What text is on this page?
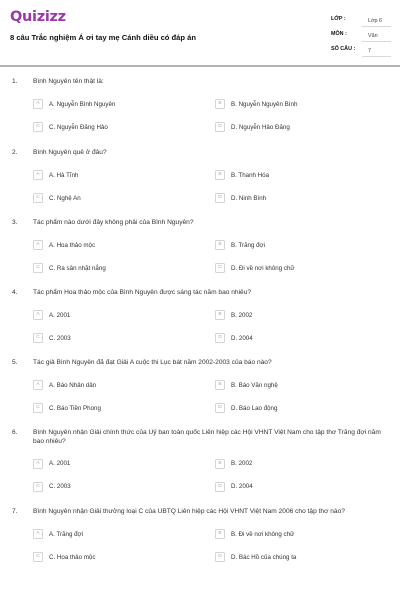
Quizizz
8 câu Trắc nghiệm Á ơi tay mẹ Cánh diều có đáp án
LỚP :	Lớp 6
MÔN :	Văn
SỐ CÂU :	7
1. Bình Nguyên tên thật là:
A	A. Nguyễn Bình Nguyên	B	B. Nguyễn Nguyên Bình
C	C. Nguyễn Đăng Hảo	D	D. Nguyễn Hảo Đăng
2. Bình Nguyên quê ở đâu?
A	A. Hà Tĩnh	B	B. Thanh Hóa
C	C. Nghệ An	D	D. Ninh Bình
3. Tác phẩm nào dưới đây không phải của Bình Nguyên?
A	A. Hoa thảo mộc	B	B. Trăng đợi
C	C. Ra sân nhặt nắng	D	D. Đi về nơi không chữ
4. Tác phẩm Hoa thảo mộc của Bình Nguyên được sáng tác năm bao nhiêu?
A	A. 2001	B	B. 2002
C	C. 2003	D	D. 2004
5. Tác giả Bình Nguyên đã đạt Giải A cuộc thi Lục bát năm 2002-2003 của báo nào?
A	A. Báo Nhân dân	B	B. Báo Văn nghệ
C	C. Báo Tiền Phong	D	D. Báo Lao động
6. Bình Nguyên nhận Giải chính thức của Uỷ ban toàn quốc Liên hiệp các Hội VHNT Việt Nam cho tập thơ Trăng đợi năm bao nhiêu?
A	A. 2001	B	B. 2002
C	C. 2003	D	D. 2004
7. Bình Nguyên nhận Giải thưởng loại C của UBTQ Liên hiệp các Hội VHNT Việt Nam 2006 cho tập thơ nào?
A	A. Trăng đợi	B	B. Đi về nơi không chữ
C	C. Hoa thảo mộc	D	D. Bác Hồ của chúng ta
